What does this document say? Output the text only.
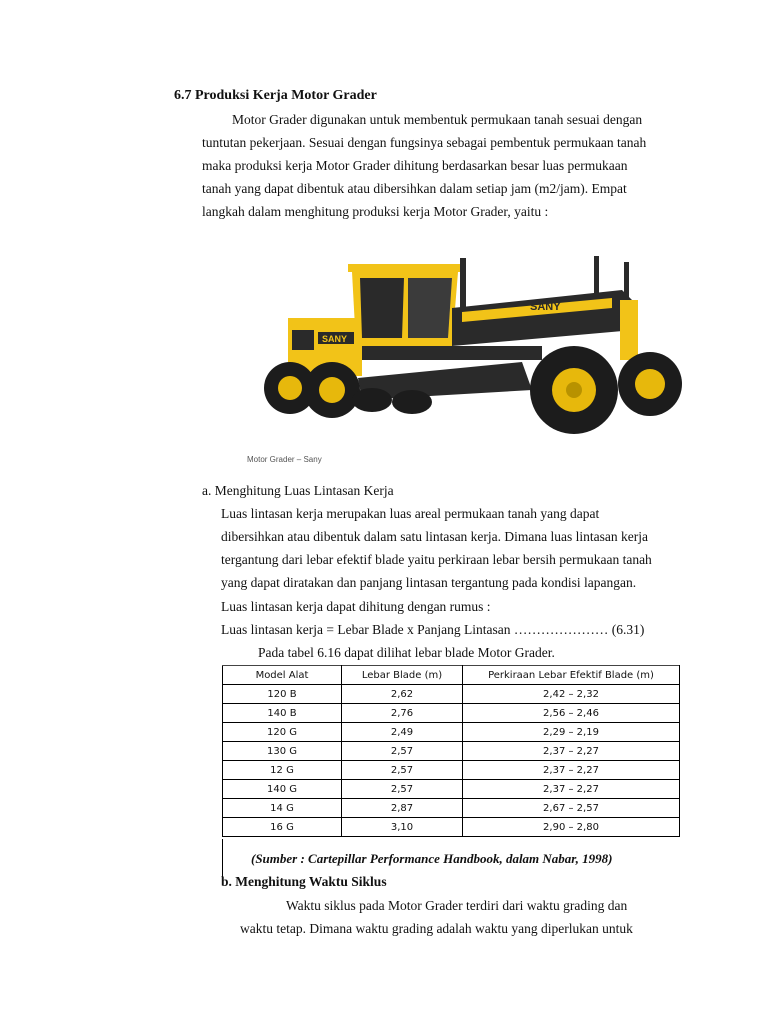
6.7 Produksi Kerja Motor Grader
Motor Grader digunakan untuk membentuk permukaan tanah sesuai dengan
tuntutan pekerjaan. Sesuai dengan fungsinya sebagai pembentuk permukaan tanah
maka produksi kerja Motor Grader dihitung berdasarkan besar luas permukaan
tanah yang dapat dibentuk atau dibersihkan dalam setiap jam (m2/jam). Empat
langkah dalam menghitung produksi kerja Motor Grader, yaitu :
SANY
SANY
Motor Grader – Sany
a. Menghitung Luas Lintasan Kerja
Luas lintasan kerja merupakan luas areal permukaan tanah yang dapat
dibersihkan atau dibentuk dalam satu lintasan kerja. Dimana luas lintasan kerja
tergantung dari lebar efektif blade yaitu perkiraan lebar bersih permukaan tanah
yang dapat diratakan dan panjang lintasan tergantung pada kondisi lapangan.
Luas lintasan kerja dapat dihitung dengan rumus :
Luas lintasan kerja = Lebar Blade x Panjang Lintasan ………………… (6.31)
Pada tabel 6.16 dapat dilihat lebar blade Motor Grader.
Model Alat	Lebar Blade (m)	Perkiraan Lebar Efektif Blade (m)
120 B	2,62	2,42 – 2,32
140 B	2,76	2,56 – 2,46
120 G	2,49	2,29 – 2,19
130 G	2,57	2,37 – 2,27
12 G	2,57	2,37 – 2,27
140 G	2,57	2,37 – 2,27
14 G	2,87	2,67 – 2,57
16 G	3,10	2,90 – 2,80
(Sumber : Cartepillar Performance Handbook, dalam Nabar, 1998)
b. Menghitung Waktu Siklus
Waktu siklus pada Motor Grader terdiri dari waktu grading dan
waktu tetap. Dimana waktu grading adalah waktu yang diperlukan untuk
